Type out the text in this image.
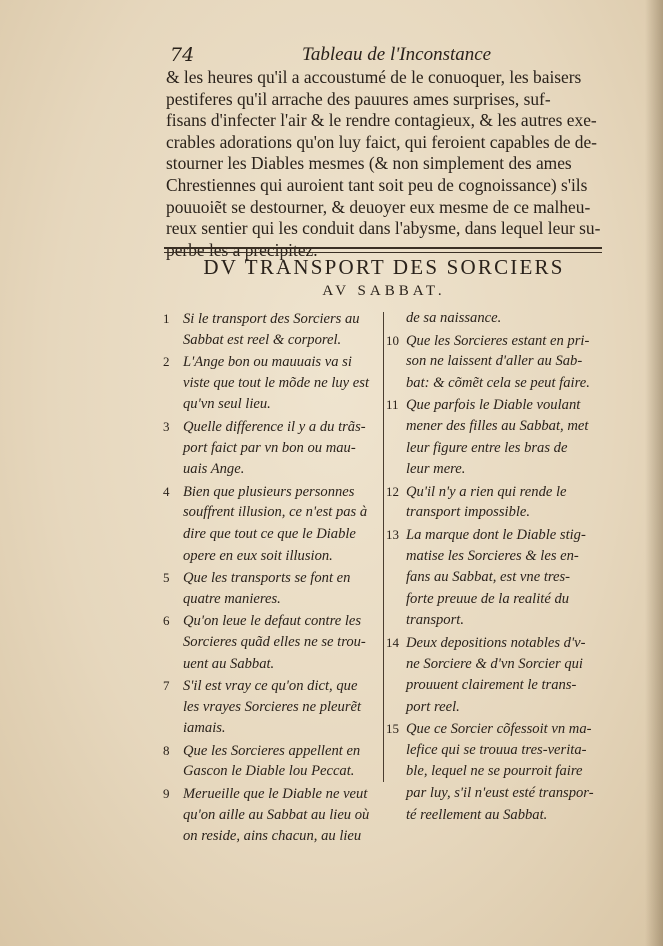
74	Tableau de l'Inconstance
& les heures qu'il a accoustumé de le conuoquer, les baisers
pestiferes qu'il arrache des pauures ames surprises, suf-
fisans d'infecter l'air & le rendre contagieux, & les autres exe-
crables adorations qu'on luy faict, qui feroient capables de de-
stourner les Diables mesmes (& non simplement des ames
Chrestiennes qui auroient tant soit peu de cognoissance) s'ils
pouuoiẽt se destourner, & deuoyer eux mesme de ce malheu-
reux sentier qui les conduit dans l'abysme, dans lequel leur su-
perbe les a precipitez.
DV TRANSPORT DES SORCIERS
AV SABBAT.
1 Si le transport des Sorciers au
Sabbat est reel & corporel.
2 L'Ange bon ou mauuais va si
viste que tout le mõde ne luy est
qu'vn seul lieu.
3 Quelle difference il y a du trãs-
port faict par vn bon ou mau-
uais Ange.
4 Bien que plusieurs personnes
souffrent illusion, ce n'est pas à
dire que tout ce que le Diable
opere en eux soit illusion.
5 Que les transports se font en
quatre manieres.
6 Qu'on leue le defaut contre les
Sorcieres quãd elles ne se trou-
uent au Sabbat.
7 S'il est vray ce qu'on dict, que
les vrayes Sorcieres ne pleurẽt
iamais.
8 Que les Sorcieres appellent en
Gascon le Diable lou Peccat.
9 Merueille que le Diable ne veut
qu'on aille au Sabbat au lieu où
on reside, ains chacun, au lieu
de sa naissance.
10 Que les Sorcieres estant en pri-
son ne laissent d'aller au Sab-
bat: & cõmẽt cela se peut faire.
11 Que parfois le Diable voulant
mener des filles au Sabbat, met
leur figure entre les bras de
leur mere.
12 Qu'il n'y a rien qui rende le
transport impossible.
13 La marque dont le Diable stig-
matise les Sorcieres & les en-
fans au Sabbat, est vne tres-
forte preuue de la realité du
transport.
14 Deux depositions notables d'v-
ne Sorciere & d'vn Sorcier qui
prouuent clairement le trans-
port reel.
15 Que ce Sorcier cõfessoit vn ma-
lefice qui se trouua tres-verita-
ble, lequel ne se pourroit faire
par luy, s'il n'eust esté transpor-
té reellement au Sabbat.
